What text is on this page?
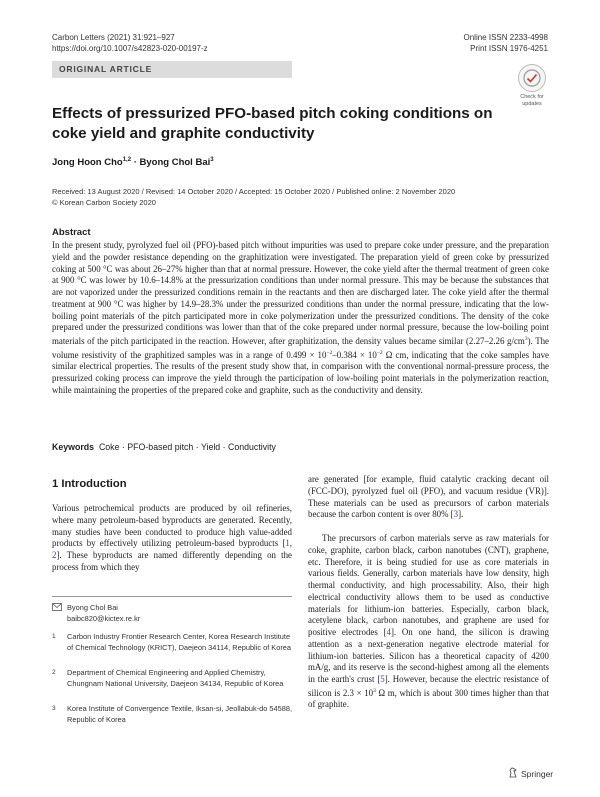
Carbon Letters (2021) 31:921–927
https://doi.org/10.1007/s42823-020-00197-z
Online ISSN 2233-4998
Print ISSN 1976-4251
ORIGINAL ARTICLE
Check for
updates
Effects of pressurized PFO-based pitch coking conditions on coke yield and graphite conductivity
Jong Hoon Cho$^{1,2}$ · Byong Chol Bai$^3$
Received: 13 August 2020 / Revised: 14 October 2020 / Accepted: 15 October 2020 / Published online: 2 November 2020
© Korean Carbon Society 2020
Abstract
In the present study, pyrolyzed fuel oil (PFO)-based pitch without impurities was used to prepare coke under pressure, and the preparation yield and the powder resistance depending on the graphitization were investigated. The preparation yield of green coke by pressurized coking at 500 °C was about 26–27% higher than that at normal pressure. However, the coke yield after the thermal treatment of green coke at 900 °C was lower by 10.6–14.8% at the pressurization conditions than under normal pressure. This may be because the substances that are not vaporized under the pressurized conditions remain in the reactants and then are discharged later. The coke yield after the thermal treatment at 900 °C was higher by 14.9–28.3% under the pressurized conditions than under the normal pressure, indicating that the low-boiling point materials of the pitch participated more in coke polymerization under the pressurized conditions. The density of the coke prepared under the pressurized conditions was lower than that of the coke prepared under normal pressure, because the low-boiling point materials of the pitch participated in the reaction. However, after graphitization, the density values became similar (2.27–2.26 $g/cm^3$). The volume resistivity of the graphitized samples was in a range of $0.499 \times 10^{-2}-0.384 \times 10^{-2}$ Ω cm, indicating that the coke samples have similar electrical properties. The results of the present study show that, in comparison with the conventional normal-pressure process, the pressurized coking process can improve the yield through the participation of low-boiling point materials in the polymerization reaction, while maintaining the properties of the prepared coke and graphite, such as the conductivity and density.
Keywords Coke · PFO-based pitch · Yield · Conductivity
1 Introduction
Various petrochemical products are produced by oil refineries, where many petroleum-based byproducts are generated. Recently, many studies have been conducted to produce high value-added products by effectively utilizing petroleum-based byproducts [1, 2]. These byproducts are named differently depending on the process from which they

are generated [for example, fluid catalytic cracking decant oil (FCC-DO), pyrolyzed fuel oil (PFO), and vacuum residue (VR)]. These materials can be used as precursors of carbon materials because the carbon content is over 80% [3].

The precursors of carbon materials serve as raw materials for coke, graphite, carbon black, carbon nanotubes (CNT), graphene, etc. Therefore, it is being studied for use as core materials in various fields. Generally, carbon materials have low density, high thermal conductivity, and high processability. Also, their high electrical conductivity allows them to be used as conductive materials for lithium-ion batteries. Especially, carbon black, acetylene black, carbon nanotubes, and graphene are used for positive electrodes [4]. On one hand, the silicon is drawing attention as a next-generation negative electrode material for lithium-ion batteries. Silicon has a theoretical capacity of 4200 mA/g, and its reserve is the second-highest among all the elements in the earth's crust [5]. However, because the electric resistance of silicon is $2.3 \times 10^3$ Ω m, which is about 300 times higher than that of graphite.

Byong Chol Bai
baibc820@kictex.re.kr
1 Carbon Industry Frontier Research Center, Korea Research Institute of Chemical Technology (KRICT), Daejeon 34114, Republic of Korea
2 Department of Chemical Engineering and Applied Chemistry, Chungnam National University, Daejeon 34134, Republic of Korea
3 Korea Institute of Convergence Textile, Iksan-si, Jeollabuk-do 54588, Republic of Korea
Springer
